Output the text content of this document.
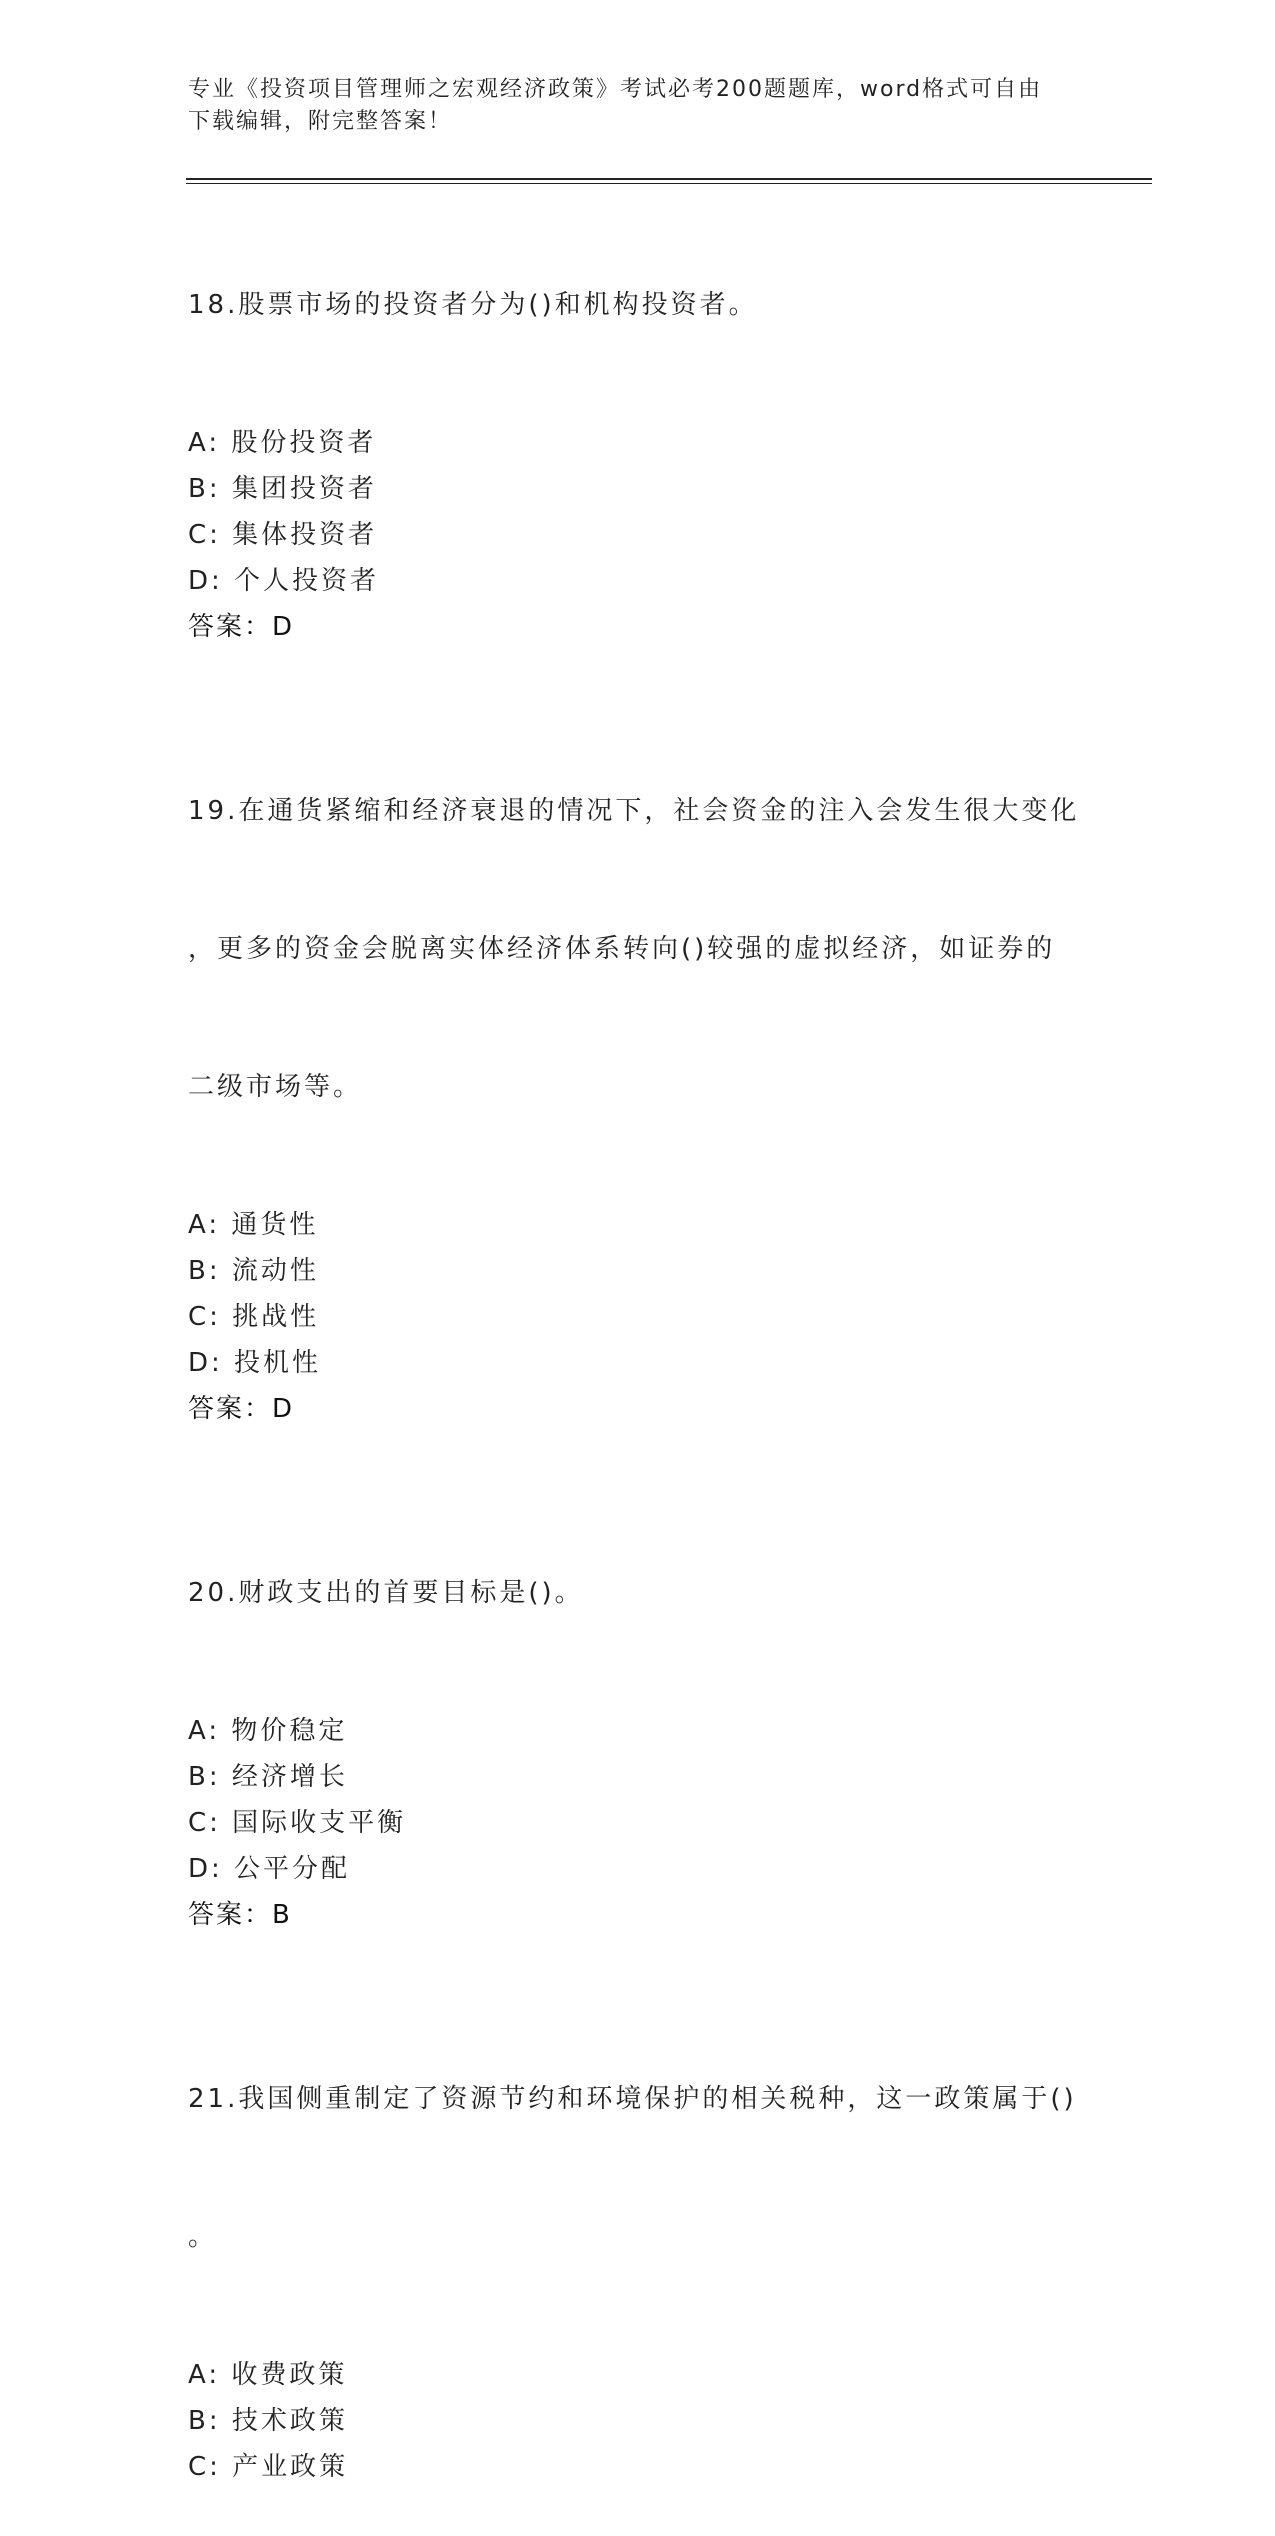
专业《投资项目管理师之宏观经济政策》考试必考200题题库，word格式可自由
下载编辑，附完整答案！

18.股票市场的投资者分为()和机构投资者。

A: 股份投资者
B: 集团投资者
C: 集体投资者
D: 个人投资者
答案：D

19.在通货紧缩和经济衰退的情况下，社会资金的注入会发生很大变化

，更多的资金会脱离实体经济体系转向()较强的虚拟经济，如证券的

二级市场等。

A: 通货性
B: 流动性
C: 挑战性
D: 投机性
答案：D

20.财政支出的首要目标是()。

A: 物价稳定
B: 经济增长
C: 国际收支平衡
D: 公平分配
答案：B

21.我国侧重制定了资源节约和环境保护的相关税种，这一政策属于()

。

A: 收费政策
B: 技术政策
C: 产业政策
